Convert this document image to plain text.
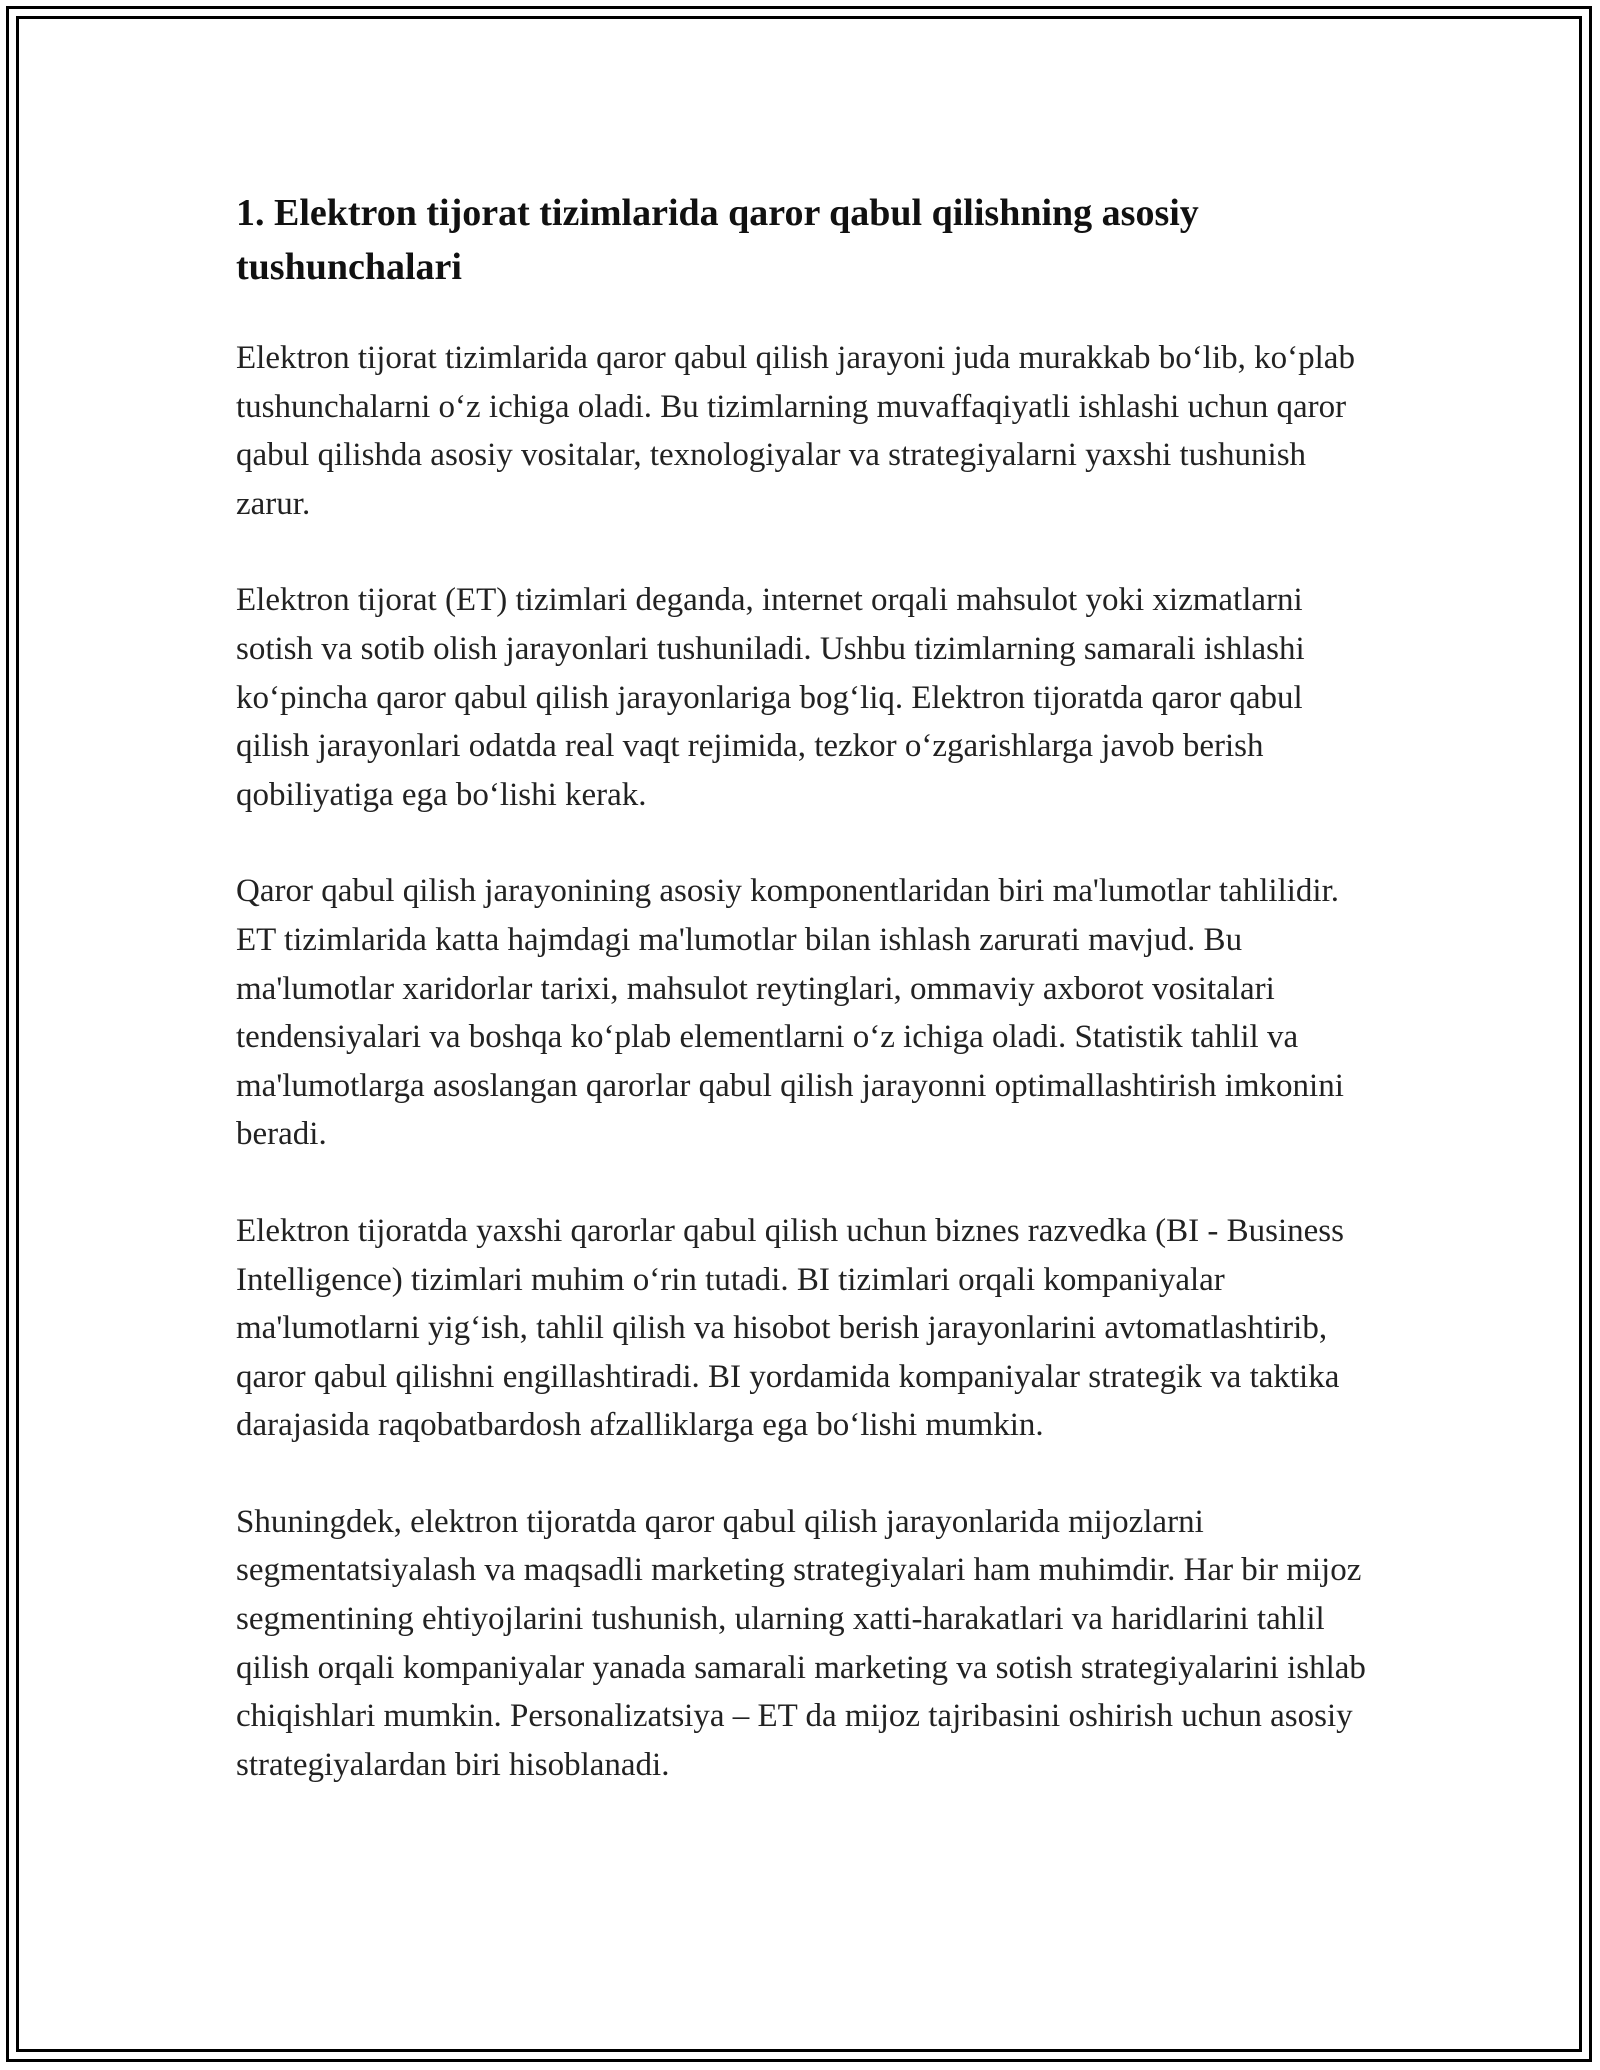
1. Elektron tijorat tizimlarida qaror qabul qilishning asosiy tushunchalari

Elektron tijorat tizimlarida qaror qabul qilish jarayoni juda murakkab bo‘lib, ko‘plab tushunchalarni o‘z ichiga oladi. Bu tizimlarning muvaffaqiyatli ishlashi uchun qaror qabul qilishda asosiy vositalar, texnologiyalar va strategiyalarni yaxshi tushunish zarur.

Elektron tijorat (ET) tizimlari deganda, internet orqali mahsulot yoki xizmatlarni sotish va sotib olish jarayonlari tushuniladi. Ushbu tizimlarning samarali ishlashi ko‘pincha qaror qabul qilish jarayonlariga bog‘liq. Elektron tijoratda qaror qabul qilish jarayonlari odatda real vaqt rejimida, tezkor o‘zgarishlarga javob berish qobiliyatiga ega bo‘lishi kerak.

Qaror qabul qilish jarayonining asosiy komponentlaridan biri ma'lumotlar tahlilidir. ET tizimlarida katta hajmdagi ma'lumotlar bilan ishlash zarurati mavjud. Bu ma'lumotlar xaridorlar tarixi, mahsulot reytinglari, ommaviy axborot vositalari tendensiyalari va boshqa ko‘plab elementlarni o‘z ichiga oladi. Statistik tahlil va ma'lumotlarga asoslangan qarorlar qabul qilish jarayonni optimallashtirish imkonini beradi.

Elektron tijoratda yaxshi qarorlar qabul qilish uchun biznes razvedka (BI - Business Intelligence) tizimlari muhim o‘rin tutadi. BI tizimlari orqali kompaniyalar ma'lumotlarni yig‘ish, tahlil qilish va hisobot berish jarayonlarini avtomatlashtirib, qaror qabul qilishni engillashtiradi. BI yordamida kompaniyalar strategik va taktika darajasida raqobatbardosh afzalliklarga ega bo‘lishi mumkin.

Shuningdek, elektron tijoratda qaror qabul qilish jarayonlarida mijozlarni segmentatsiyalash va maqsadli marketing strategiyalari ham muhimdir. Har bir mijoz segmentining ehtiyojlarini tushunish, ularning xatti-harakatlari va haridlarini tahlil qilish orqali kompaniyalar yanada samarali marketing va sotish strategiyalarini ishlab chiqishlari mumkin. Personalizatsiya – ET da mijoz tajribasini oshirish uchun asosiy strategiyalardan biri hisoblanadi.
